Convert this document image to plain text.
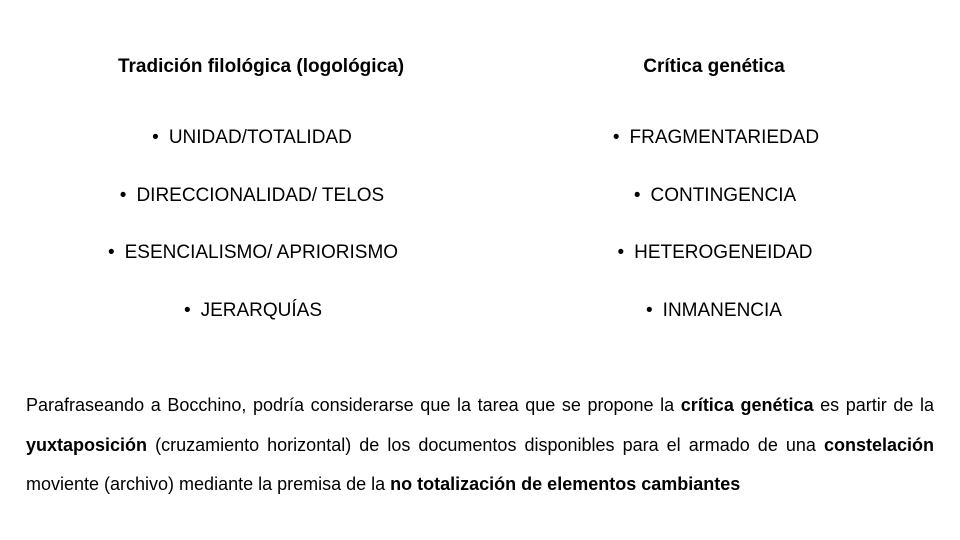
Tradición filológica (logológica)
• UNIDAD/TOTALIDAD
• DIRECCIONALIDAD/ TELOS
• ESENCIALISMO/ APRIORISMO
• JERARQUÍAS
Crítica genética
• FRAGMENTARIEDAD
• CONTINGENCIA
• HETEROGENEIDAD
• INMANENCIA

Parafraseando a Bocchino, podría considerarse que la tarea que se propone la crítica genética es partir de la yuxtaposición (cruzamiento horizontal) de los documentos disponibles para el armado de una constelación moviente (archivo) mediante la premisa de la no totalización de elementos cambiantes
